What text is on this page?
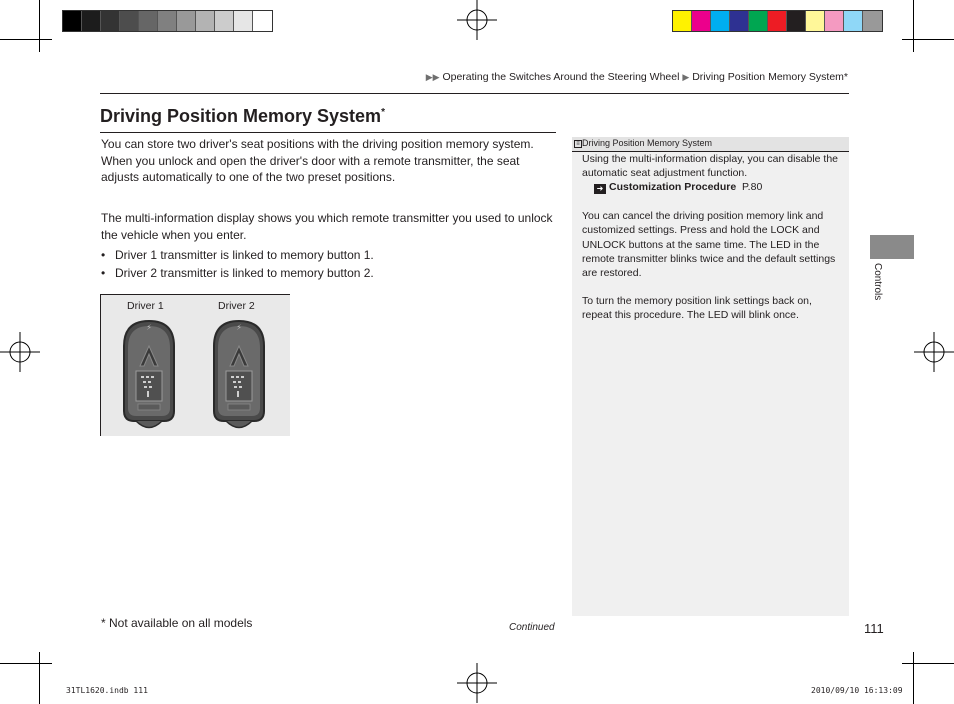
▶▶ Operating the Switches Around the Steering Wheel ▶ Driving Position Memory System*
Driving Position Memory System*
You can store two driver's seat positions with the driving position memory system. When you unlock and open the driver's door with a remote transmitter, the seat adjusts automatically to one of the two preset positions.
The multi-information display shows you which remote transmitter you used to unlock the vehicle when you enter.
• Driver 1 transmitter is linked to memory button 1.
• Driver 2 transmitter is linked to memory button 2.
Driver 1	Driver 2
⚡	⚡
≡ Driving Position Memory System
Using the multi-information display, you can disable the automatic seat adjustment function.
➜ Customization Procedure P.80
You can cancel the driving position memory link and customized settings. Press and hold the LOCK and UNLOCK buttons at the same time. The LED in the remote transmitter blinks twice and the default settings are restored.
To turn the memory position link settings back on, repeat this procedure. The LED will blink once.
Controls
* Not available on all models	Continued	111
31TL1620.indb 111	2010/09/10 16:13:09
